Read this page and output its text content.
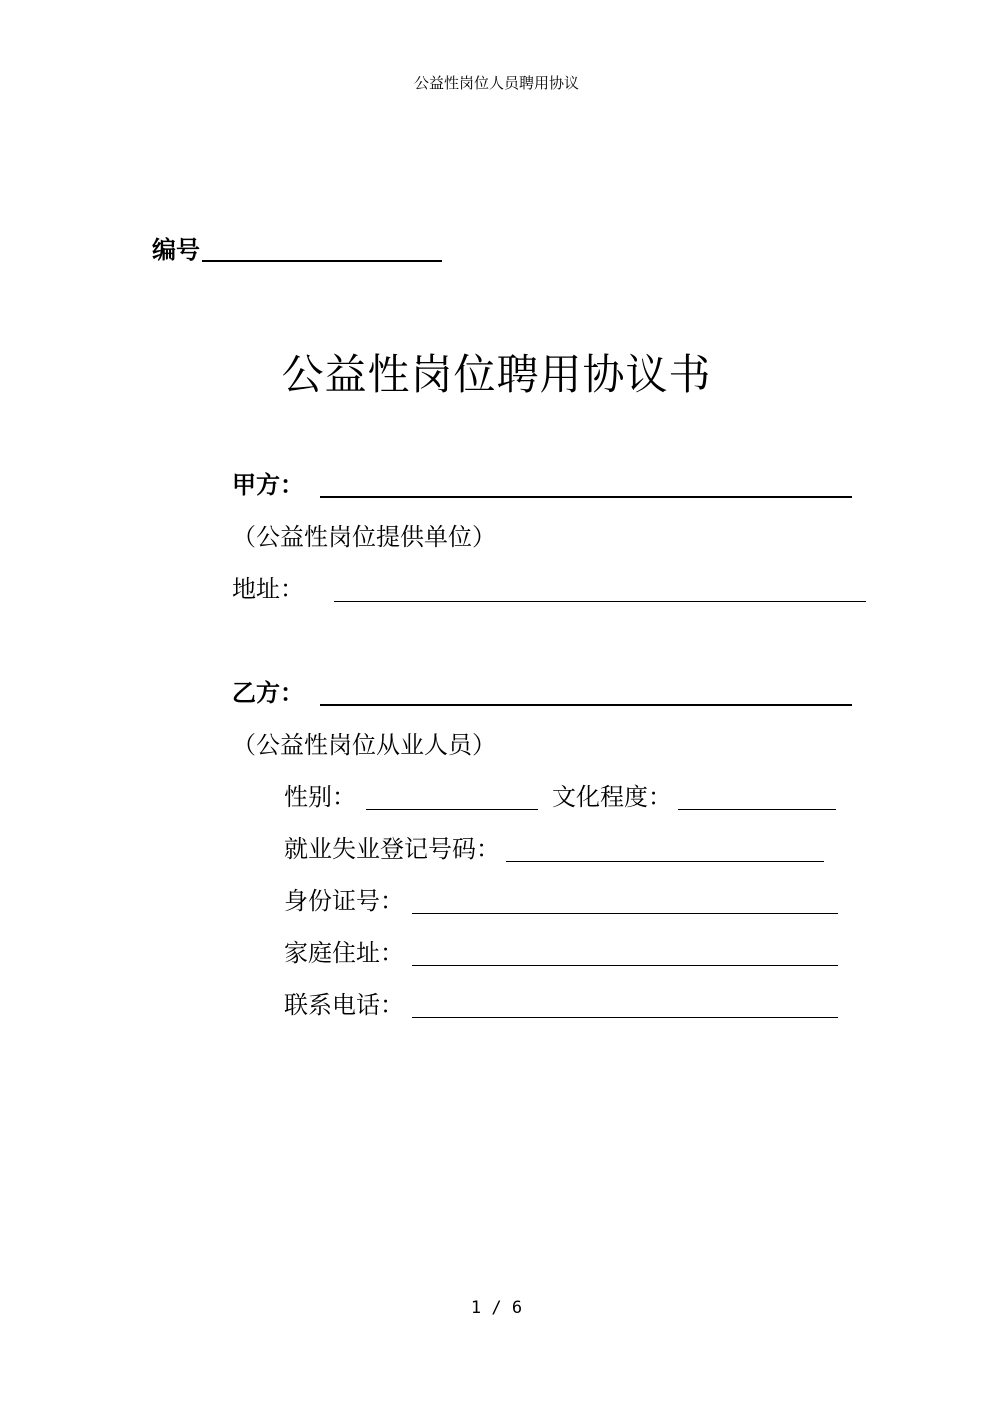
公益性岗位人员聘用协议
编号
公益性岗位聘用协议书
甲方：
（公益性岗位提供单位）
地址：
乙方：
（公益性岗位从业人员）
性别：	文化程度：
就业失业登记号码：
身份证号：
家庭住址：
联系电话：
1 / 6
